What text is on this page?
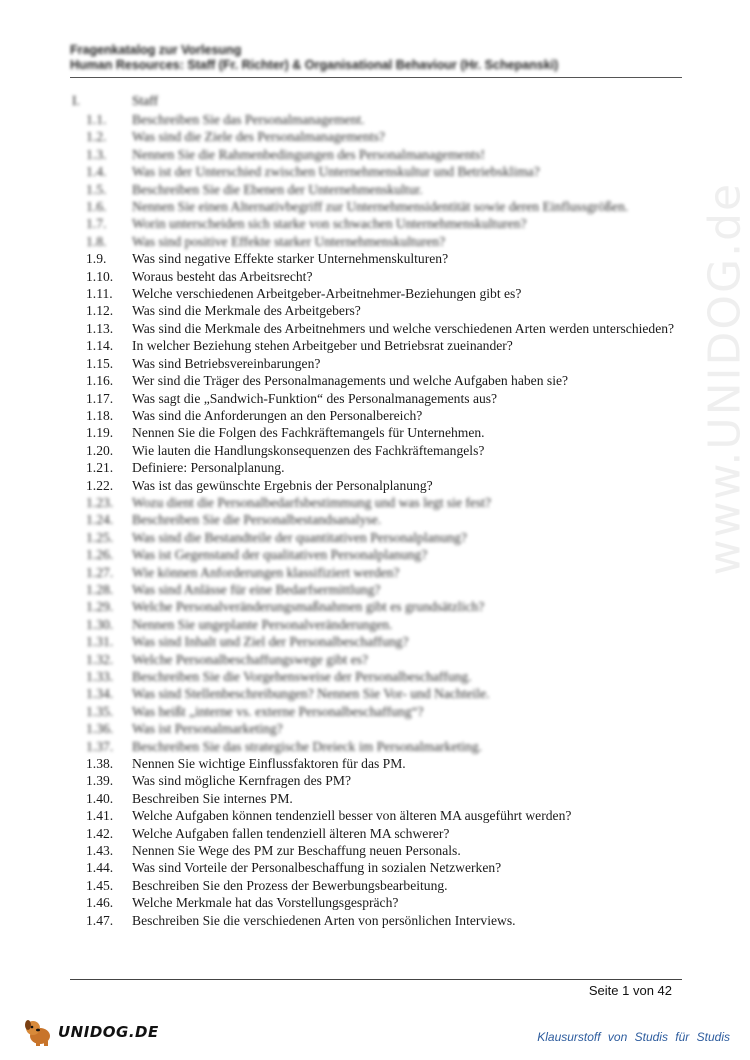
Fragenkatalog zur Vorlesung
Human Resources: Staff (Fr. Richter) & Organisational Behaviour (Hr. Schepanski)
I.	Staff
1.1.	Beschreiben Sie das Personalmanagement.
1.2.	Was sind die Ziele des Personalmanagements?
1.3.	Nennen Sie die Rahmenbedingungen des Personalmanagements!
1.4.	Was ist der Unterschied zwischen Unternehmenskultur und Betriebsklima?
1.5.	Beschreiben Sie die Ebenen der Unternehmenskultur.
1.6.	Nennen Sie einen Alternativbegriff zur Unternehmensidentität sowie deren Einflussgrößen.
1.7.	Worin unterscheiden sich starke von schwachen Unternehmenskulturen?
1.8.	Was sind positive Effekte starker Unternehmenskulturen?
1.9.	Was sind negative Effekte starker Unternehmenskulturen?
1.10.	Woraus besteht das Arbeitsrecht?
1.11.	Welche verschiedenen Arbeitgeber-Arbeitnehmer-Beziehungen gibt es?
1.12.	Was sind die Merkmale des Arbeitgebers?
1.13.	Was sind die Merkmale des Arbeitnehmers und welche verschiedenen Arten werden unterschieden?
1.14.	In welcher Beziehung stehen Arbeitgeber und Betriebsrat zueinander?
1.15.	Was sind Betriebsvereinbarungen?
1.16.	Wer sind die Träger des Personalmanagements und welche Aufgaben haben sie?
1.17.	Was sagt die „Sandwich-Funktion“ des Personalmanagements aus?
1.18.	Was sind die Anforderungen an den Personalbereich?
1.19.	Nennen Sie die Folgen des Fachkräftemangels für Unternehmen.
1.20.	Wie lauten die Handlungskonsequenzen des Fachkräftemangels?
1.21.	Definiere: Personalplanung.
1.22.	Was ist das gewünschte Ergebnis der Personalplanung?
1.23.	Wozu dient die Personalbedarfsbestimmung und was legt sie fest?
1.24.	Beschreiben Sie die Personalbestandsanalyse.
1.25.	Was sind die Bestandteile der quantitativen Personalplanung?
1.26.	Was ist Gegenstand der qualitativen Personalplanung?
1.27.	Wie können Anforderungen klassifiziert werden?
1.28.	Was sind Anlässe für eine Bedarfsermittlung?
1.29.	Welche Personalveränderungsmaßnahmen gibt es grundsätzlich?
1.30.	Nennen Sie ungeplante Personalveränderungen.
1.31.	Was sind Inhalt und Ziel der Personalbeschaffung?
1.32.	Welche Personalbeschaffungswege gibt es?
1.33.	Beschreiben Sie die Vorgehensweise der Personalbeschaffung.
1.34.	Was sind Stellenbeschreibungen? Nennen Sie Vor- und Nachteile.
1.35.	Was heißt „interne vs. externe Personalbeschaffung“?
1.36.	Was ist Personalmarketing?
1.37.	Beschreiben Sie das strategische Dreieck im Personalmarketing.
1.38.	Nennen Sie wichtige Einflussfaktoren für das PM.
1.39.	Was sind mögliche Kernfragen des PM?
1.40.	Beschreiben Sie internes PM.
1.41.	Welche Aufgaben können tendenziell besser von älteren MA ausgeführt werden?
1.42.	Welche Aufgaben fallen tendenziell älteren MA schwerer?
1.43.	Nennen Sie Wege des PM zur Beschaffung neuen Personals.
1.44.	Was sind Vorteile der Personalbeschaffung in sozialen Netzwerken?
1.45.	Beschreiben Sie den Prozess der Bewerbungsbearbeitung.
1.46.	Welche Merkmale hat das Vorstellungsgespräch?
1.47.	Beschreiben Sie die verschiedenen Arten von persönlichen Interviews.
www.UNIDOG.de
Seite 1 von 42
UNIDOG.DE	Klausurstoff von Studis für Studis
